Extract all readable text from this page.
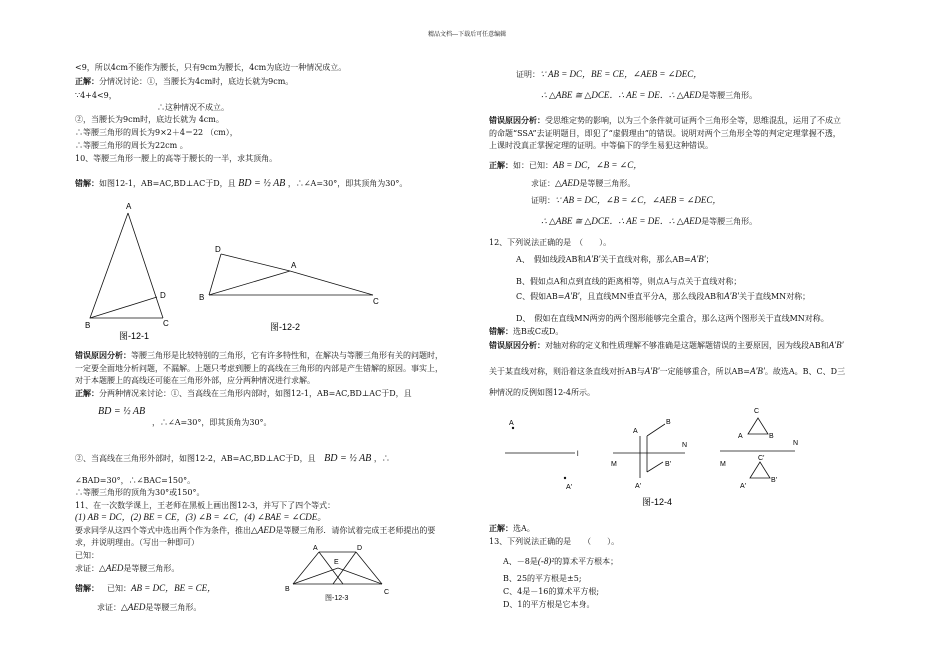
精品文档---下载后可任意编辑
<9，所以4cm不能作为腰长，只有9cm为腰长，4cm为底边一种情况成立。
正解：分情况讨论：①，当腰长为4cm时，底边长就为9cm。
∵4+4<9，
∴这种情况不成立。
②，当腰长为9cm时，底边长就为 4cm。
∴等腰三角形的周长为9×2＋4＝22 （cm），
∴等腰三角形的周长为22cm 。
10、等腰三角形一腰上的高等于腰长的一半，求其顶角。
错解：如图12-1，AB=AC,BD⊥AC于D，且 BD = ½ AB ，∴∠A=30°，即其顶角为30°。
A
B	C
D
图-12-1
D
A
B	C
图-12-2
错误原因分析：等腰三角形是比较特别的三角形，它有许多特性和，在解决与等腰三角形有关的问题时，
一定要全面地分析问题，不漏解。上题只考虑到腰上的高线在三角形的内部是产生错解的原因。事实上，
对于本题腰上的高线还可能在三角形外部，应分两种情况进行求解。
正解：分两种情况来讨论：①、当高线在三角形内部时，如图12-1，AB=AC,BD⊥AC于D，且
BD = ½ AB
，∴∠A=30°，即其顶角为30°。
②、当高线在三角形外部时，如图12-2，AB=AC,BD⊥AC于D，且 BD = ½ AB ，∴
∠BAD=30°，∴∠BAC=150°。
∴等腰三角形的顶角为30°或150°。
11、在一次数学课上，王老师在黑板上画出图12-3，并写下了四个等式：
(1) AB = DC，(2) BE = CE，(3) ∠B = ∠C，(4) ∠BAE = ∠CDE。
要求同学从这四个等式中选出两个作为条件，推出△AED是等腰三角形．请你试着完成王老师提出的要
求，并说明理由。（写出一种即可）
已知：
求证：△AED是等腰三角形。
错解： 已知：AB = DC，BE = CE，
求证：△AED是等腰三角形。
A	D
E
B	C
图-12-3
证明：∵ AB = DC，BE = CE，∠AEB = ∠DEC，
∴ △ABE ≅ △DCE．∴ AE = DE．∴ △AED是等腰三角形。
错误原因分析：受思维定势的影响，以为三个条件就可证两个三角形全等，思维混乱，运用了不成立
的命题“SSA”去证明题目，即犯了“虚假理由”的错误。说明对两个三角形全等的判定定理掌握不透，
上课时没真正掌握定理的证明。中等偏下的学生易犯这种错误。
正解：如：已知：AB = DC，∠B = ∠C，
求证：△AED是等腰三角形。
证明：∵ AB = DC，∠B = ∠C，∠AEB = ∠DEC，
∴ △ABE ≅ △DCE．∴ AE = DE．∴ △AED是等腰三角形。
12、下列说法正确的是　（　　）。
A、　假如线段AB和A′B′关于直线对称，那么AB=A′B′；
B、假如点A和点到直线的距离相等，则点A与点关于直线对称；
C、假如AB=A′B′，且直线MN垂直平分A，那么线段AB和A′B′关于直线MN对称；
D、　假如在直线MN两旁的两个图形能够完全重合，那么这两个图形关于直线MN对称。
错解：选B或C或D。
错误原因分析：对轴对称的定义和性质理解不够准确是这题解题错误的主要原因，因为线段AB和A′B′
关于某直线对称，则沿着这条直线对折AB与A′B′一定能够重合，所以AB=A′B′。故选A。B、C、D三
种情况的反例如图12-4所示。
A
l
A′
M
N
A
B
A′
B′	M
N
C
A	B
C′
A′
B′
图-12-4
正解：选A。
13、下列说法正确的是　　（　　）。
A、－8是(-8)²的算术平方根本；
B、25的平方根是±5;
C、4是－16的算术平方根;
D、1的平方根是它本身。
